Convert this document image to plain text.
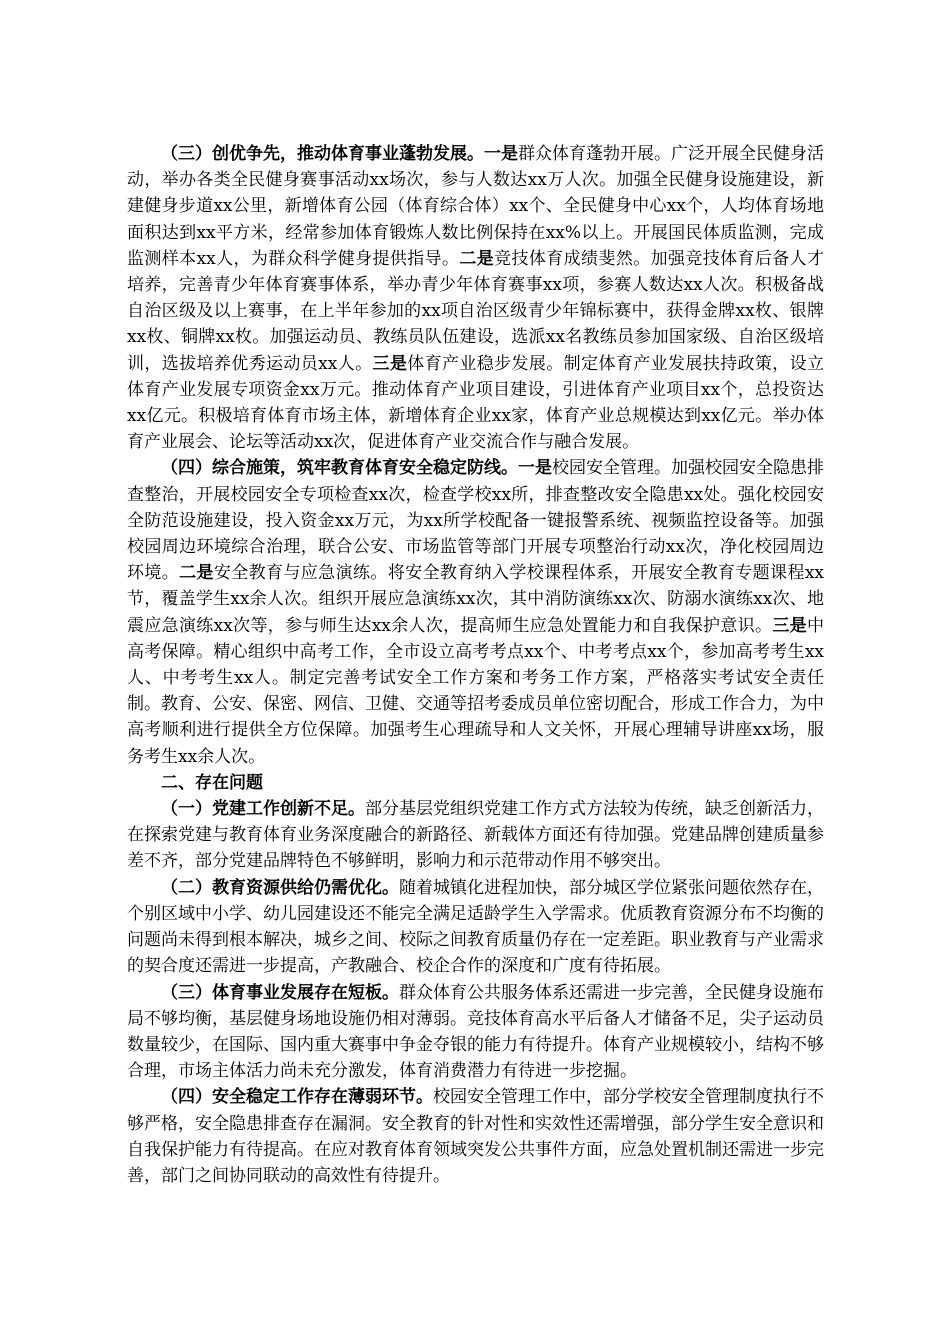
（三）创优争先，推动体育事业蓬勃发展。一是群众体育蓬勃开展。广泛开展全民健身活动，举办各类全民健身赛事活动xx场次，参与人数达xx万人次。加强全民健身设施建设，新建健身步道xx公里，新增体育公园（体育综合体）xx个、全民健身中心xx个，人均体育场地面积达到xx平方米，经常参加体育锻炼人数比例保持在xx%以上。开展国民体质监测，完成监测样本xx人，为群众科学健身提供指导。二是竞技体育成绩斐然。加强竞技体育后备人才培养，完善青少年体育赛事体系，举办青少年体育赛事xx项，参赛人数达xx人次。积极备战自治区级及以上赛事，在上半年参加的xx项自治区级青少年锦标赛中，获得金牌xx枚、银牌xx枚、铜牌xx枚。加强运动员、教练员队伍建设，选派xx名教练员参加国家级、自治区级培训，选拔培养优秀运动员xx人。三是体育产业稳步发展。制定体育产业发展扶持政策，设立体育产业发展专项资金xx万元。推动体育产业项目建设，引进体育产业项目xx个，总投资达xx亿元。积极培育体育市场主体，新增体育企业xx家，体育产业总规模达到xx亿元。举办体育产业展会、论坛等活动xx次，促进体育产业交流合作与融合发展。

（四）综合施策，筑牢教育体育安全稳定防线。一是校园安全管理。加强校园安全隐患排查整治，开展校园安全专项检查xx次，检查学校xx所，排查整改安全隐患xx处。强化校园安全防范设施建设，投入资金xx万元，为xx所学校配备一键报警系统、视频监控设备等。加强校园周边环境综合治理，联合公安、市场监管等部门开展专项整治行动xx次，净化校园周边环境。二是安全教育与应急演练。将安全教育纳入学校课程体系，开展安全教育专题课程xx节，覆盖学生xx余人次。组织开展应急演练xx次，其中消防演练xx次、防溺水演练xx次、地震应急演练xx次等，参与师生达xx余人次，提高师生应急处置能力和自我保护意识。三是中高考保障。精心组织中高考工作，全市设立高考考点xx个、中考考点xx个，参加高考考生xx人、中考考生xx人。制定完善考试安全工作方案和考务工作方案，严格落实考试安全责任制。教育、公安、保密、网信、卫健、交通等招考委成员单位密切配合，形成工作合力，为中高考顺利进行提供全方位保障。加强考生心理疏导和人文关怀，开展心理辅导讲座xx场，服务考生xx余人次。

二、存在问题

（一）党建工作创新不足。部分基层党组织党建工作方式方法较为传统，缺乏创新活力，在探索党建与教育体育业务深度融合的新路径、新载体方面还有待加强。党建品牌创建质量参差不齐，部分党建品牌特色不够鲜明，影响力和示范带动作用不够突出。

（二）教育资源供给仍需优化。随着城镇化进程加快，部分城区学位紧张问题依然存在，个别区域中小学、幼儿园建设还不能完全满足适龄学生入学需求。优质教育资源分布不均衡的问题尚未得到根本解决，城乡之间、校际之间教育质量仍存在一定差距。职业教育与产业需求的契合度还需进一步提高，产教融合、校企合作的深度和广度有待拓展。

（三）体育事业发展存在短板。群众体育公共服务体系还需进一步完善，全民健身设施布局不够均衡，基层健身场地设施仍相对薄弱。竞技体育高水平后备人才储备不足，尖子运动员数量较少，在国际、国内重大赛事中争金夺银的能力有待提升。体育产业规模较小，结构不够合理，市场主体活力尚未充分激发，体育消费潜力有待进一步挖掘。

（四）安全稳定工作存在薄弱环节。校园安全管理工作中，部分学校安全管理制度执行不够严格，安全隐患排查存在漏洞。安全教育的针对性和实效性还需增强，部分学生安全意识和自我保护能力有待提高。在应对教育体育领域突发公共事件方面，应急处置机制还需进一步完善，部门之间协同联动的高效性有待提升。
